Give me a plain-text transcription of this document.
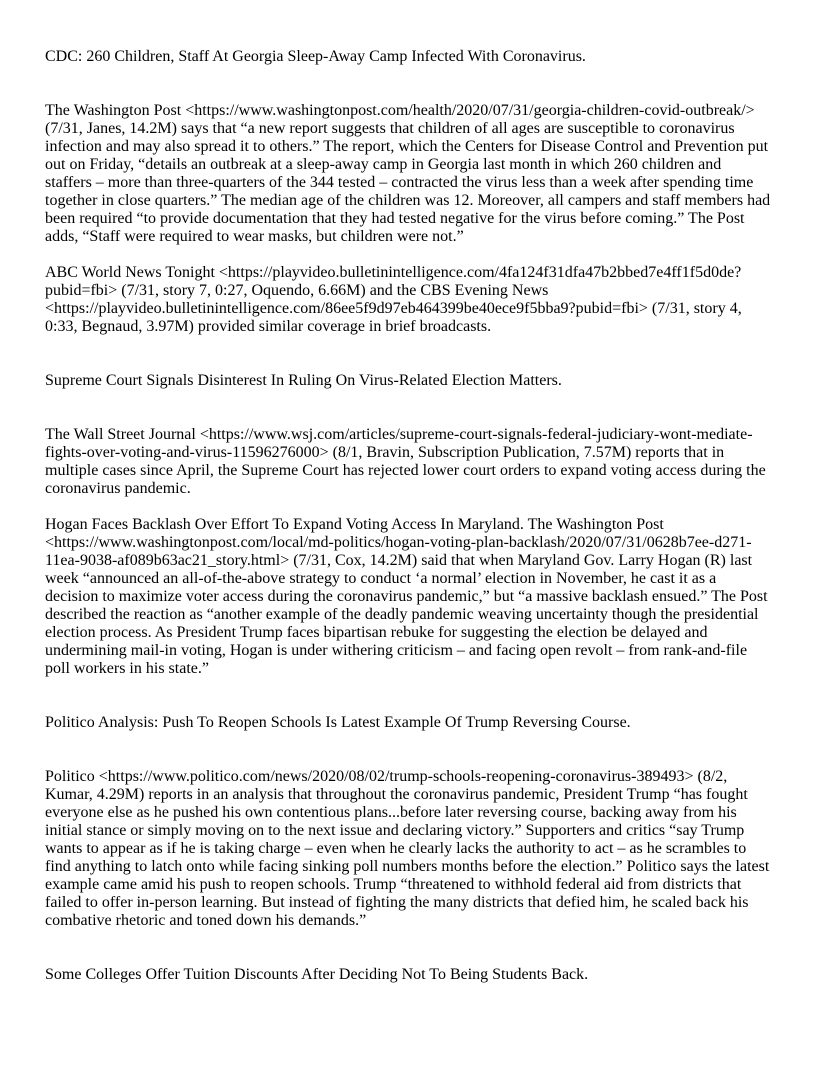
CDC: 260 Children, Staff At Georgia Sleep-Away Camp Infected With Coronavirus.

The Washington Post <https://www.washingtonpost.com/health/2020/07/31/georgia-children-covid-outbreak/> (7/31, Janes, 14.2M) says that “a new report suggests that children of all ages are susceptible to coronavirus infection and may also spread it to others.” The report, which the Centers for Disease Control and Prevention put out on Friday, “details an outbreak at a sleep-away camp in Georgia last month in which 260 children and staffers – more than three-quarters of the 344 tested – contracted the virus less than a week after spending time together in close quarters.” The median age of the children was 12. Moreover, all campers and staff members had been required “to provide documentation that they had tested negative for the virus before coming.” The Post adds, “Staff were required to wear masks, but children were not.”

ABC World News Tonight <https://playvideo.bulletinintelligence.com/4fa124f31dfa47b2bbed7e4ff1f5d0de?pubid=fbi> (7/31, story 7, 0:27, Oquendo, 6.66M) and the CBS Evening News <https://playvideo.bulletinintelligence.com/86ee5f9d97eb464399be40ece9f5bba9?pubid=fbi> (7/31, story 4, 0:33, Begnaud, 3.97M) provided similar coverage in brief broadcasts.

Supreme Court Signals Disinterest In Ruling On Virus-Related Election Matters.

The Wall Street Journal <https://www.wsj.com/articles/supreme-court-signals-federal-judiciary-wont-mediate-fights-over-voting-and-virus-11596276000> (8/1, Bravin, Subscription Publication, 7.57M) reports that in multiple cases since April, the Supreme Court has rejected lower court orders to expand voting access during the coronavirus pandemic.

Hogan Faces Backlash Over Effort To Expand Voting Access In Maryland. The Washington Post <https://www.washingtonpost.com/local/md-politics/hogan-voting-plan-backlash/2020/07/31/0628b7ee-d271-11ea-9038-af089b63ac21_story.html> (7/31, Cox, 14.2M) said that when Maryland Gov. Larry Hogan (R) last week “announced an all-of-the-above strategy to conduct ‘a normal’ election in November, he cast it as a decision to maximize voter access during the coronavirus pandemic,” but “a massive backlash ensued.” The Post described the reaction as “another example of the deadly pandemic weaving uncertainty though the presidential election process. As President Trump faces bipartisan rebuke for suggesting the election be delayed and undermining mail-in voting, Hogan is under withering criticism – and facing open revolt – from rank-and-file poll workers in his state.”

Politico Analysis: Push To Reopen Schools Is Latest Example Of Trump Reversing Course.

Politico <https://www.politico.com/news/2020/08/02/trump-schools-reopening-coronavirus-389493> (8/2, Kumar, 4.29M) reports in an analysis that throughout the coronavirus pandemic, President Trump “has fought everyone else as he pushed his own contentious plans...before later reversing course, backing away from his initial stance or simply moving on to the next issue and declaring victory.” Supporters and critics “say Trump wants to appear as if he is taking charge – even when he clearly lacks the authority to act – as he scrambles to find anything to latch onto while facing sinking poll numbers months before the election.” Politico says the latest example came amid his push to reopen schools. Trump “threatened to withhold federal aid from districts that failed to offer in-person learning. But instead of fighting the many districts that defied him, he scaled back his combative rhetoric and toned down his demands.”

Some Colleges Offer Tuition Discounts After Deciding Not To Being Students Back.
